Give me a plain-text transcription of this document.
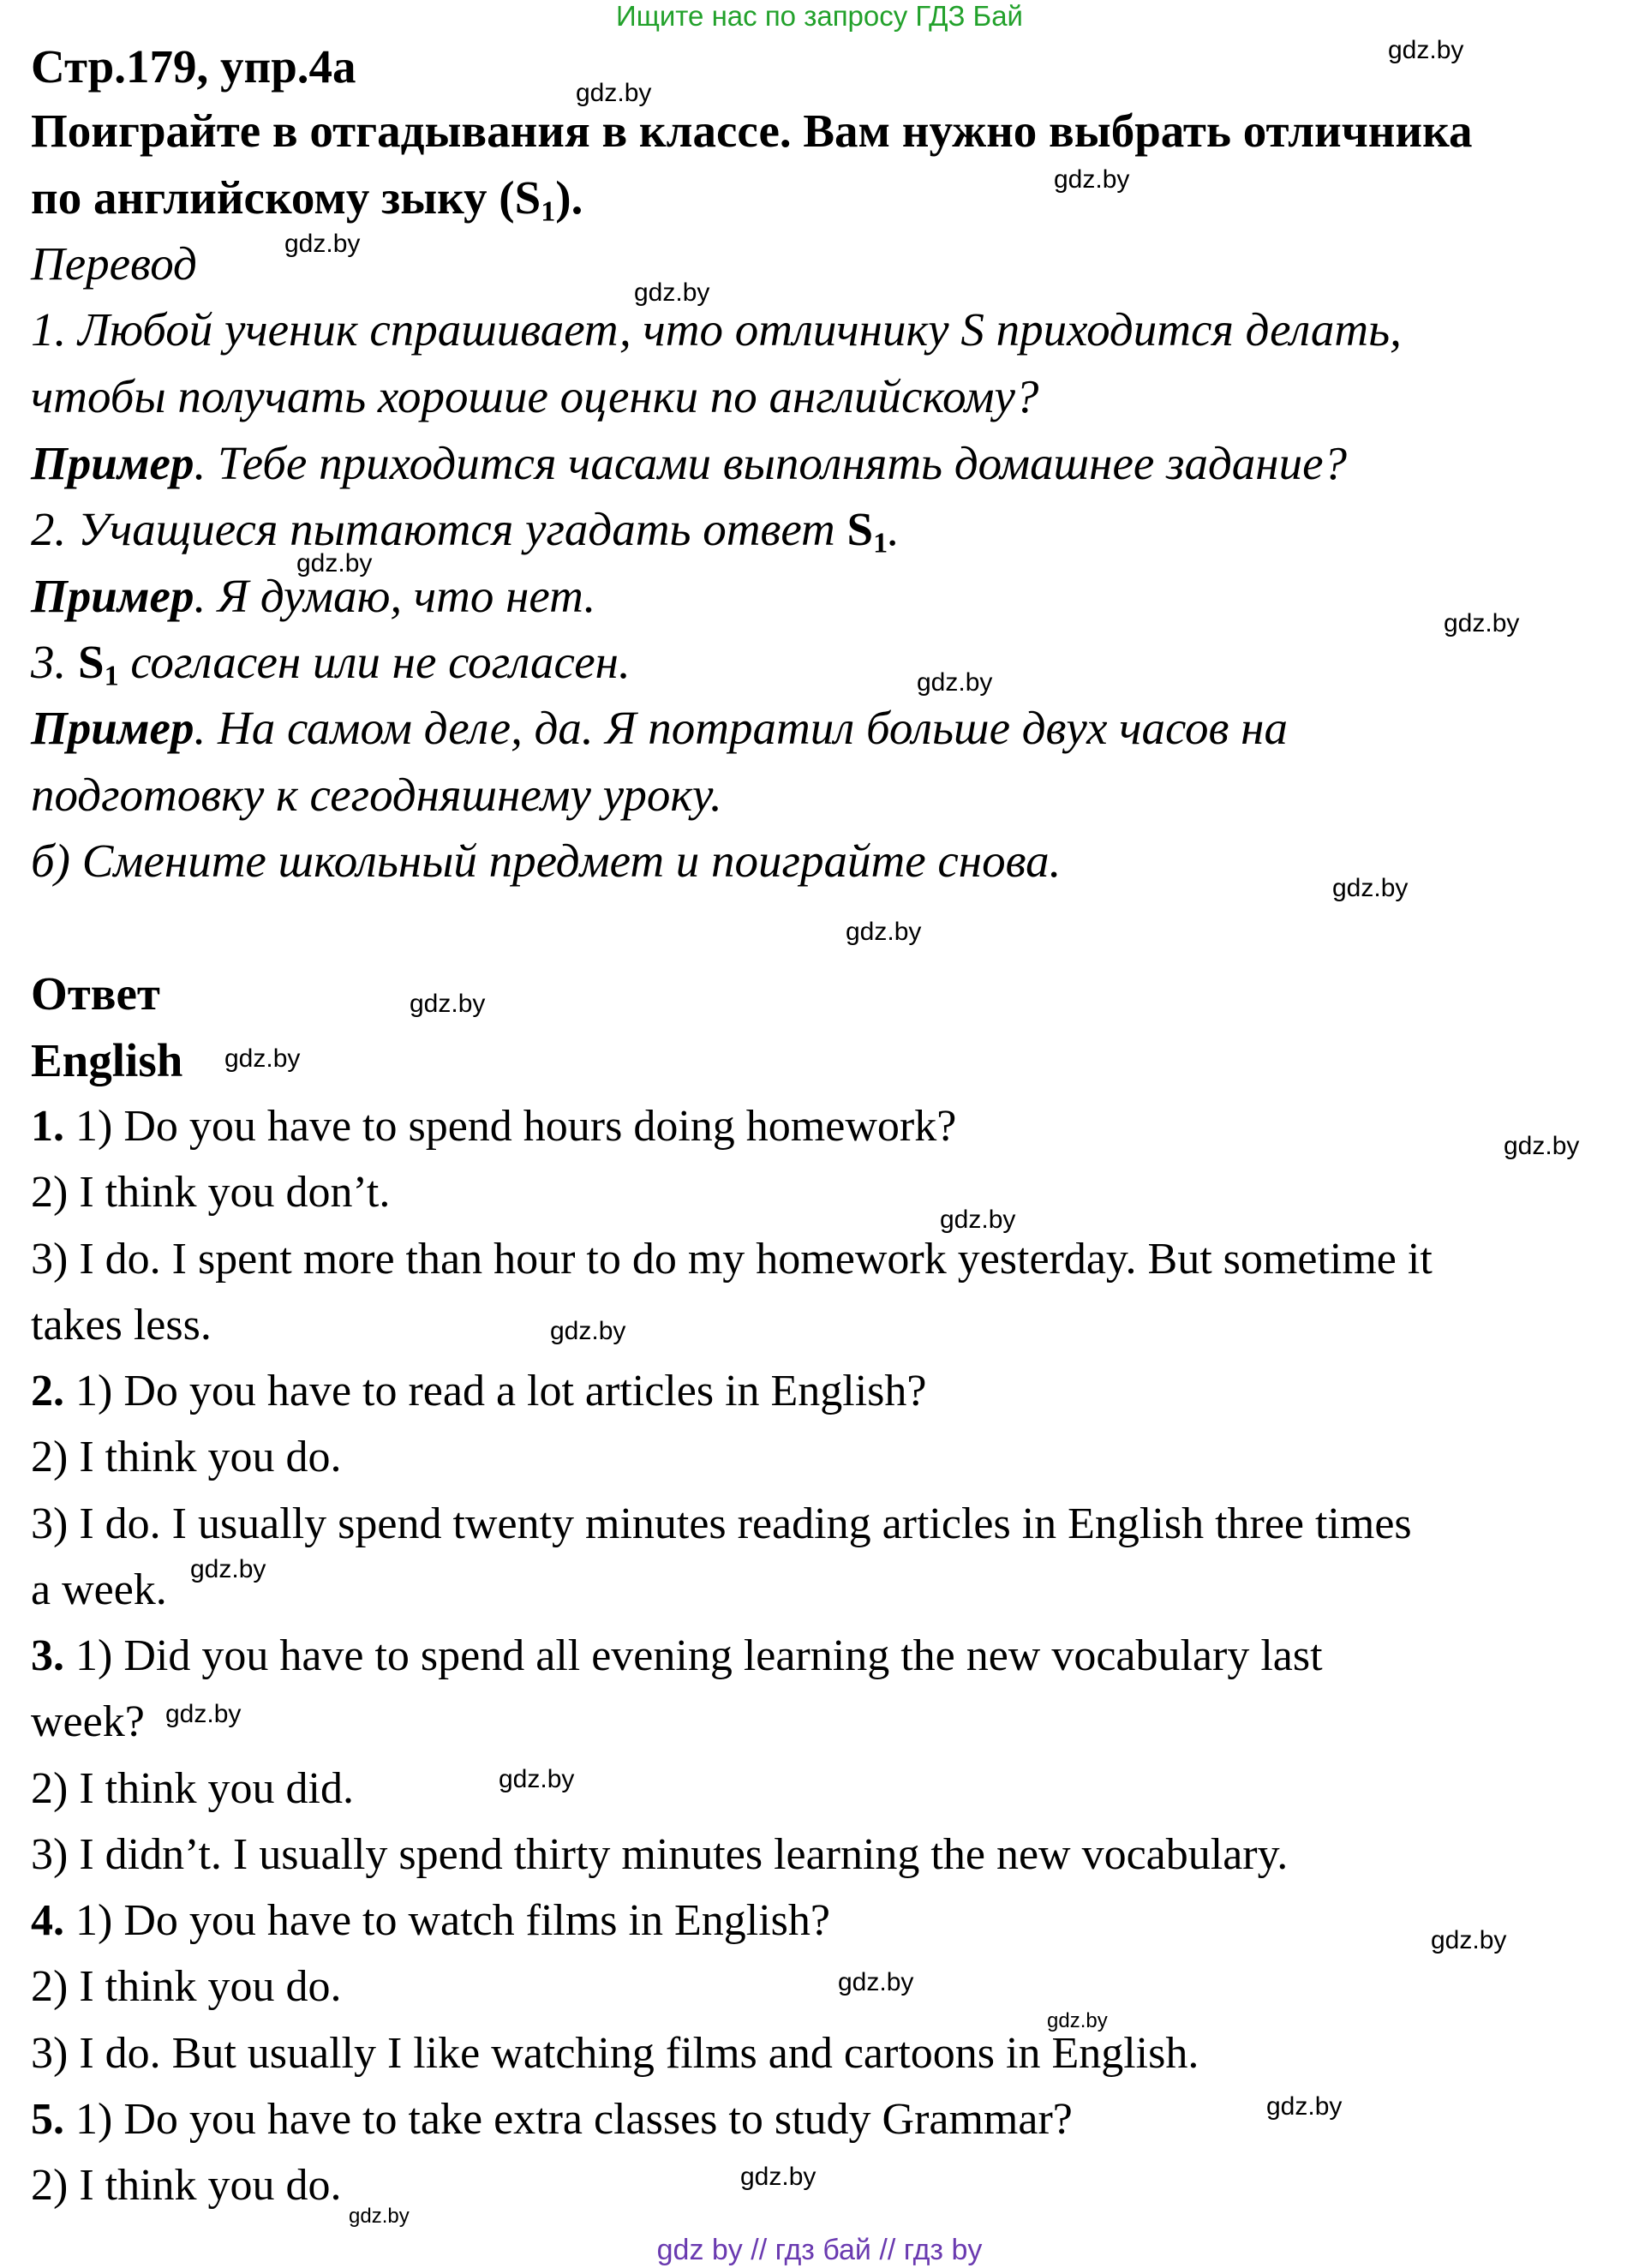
Ищите нас по запросу ГДЗ Бай
Стр.179, упр.4а
Поиграйте в отгадывания в классе. Вам нужно выбрать отличника
по английскому зыку $(S_1)$.
Перевод
1. Любой ученик спрашивает, что отличнику S приходится делать,
чтобы получать хорошие оценки по английскому?
Пример. Тебе приходится часами выполнять домашнее задание?
2. Учащиеся пытаются угадать ответ $S_1$.
Пример. Я думаю, что нет.
3. $S_1$ согласен или не согласен.
Пример. На самом деле, да. Я потратил больше двух часов на
подготовку к сегодняшнему уроку.
б) Смените школьный предмет и поиграйте снова.
Ответ
English
1. 1) Do you have to spend hours doing homework?
2) I think you don’t.
3) I do. I spent more than hour to do my homework yesterday. But sometime it
takes less.
2. 1) Do you have to read a lot articles in English?
2) I think you do.
3) I do. I usually spend twenty minutes reading articles in English three times
a week.
3. 1) Did you have to spend all evening learning the new vocabulary last
week?
2) I think you did.
3) I didn’t. I usually spend thirty minutes learning the new vocabulary.
4. 1) Do you have to watch films in English?
2) I think you do.
3) I do. But usually I like watching films and cartoons in English.
5. 1) Do you have to take extra classes to study Grammar?
2) I think you do.
gdz.by
gdz.by
gdz.by
gdz.by
gdz.by
gdz.by
gdz.by
gdz.by
gdz.by
gdz.by
gdz.by
gdz.by
gdz.by
gdz.by
gdz.by
gdz.by
gdz.by
gdz.by
gdz.by
gdz.by
gdz.by
gdz.by
gdz.by
gdz.by
gdz by // гдз бай // гдз by
